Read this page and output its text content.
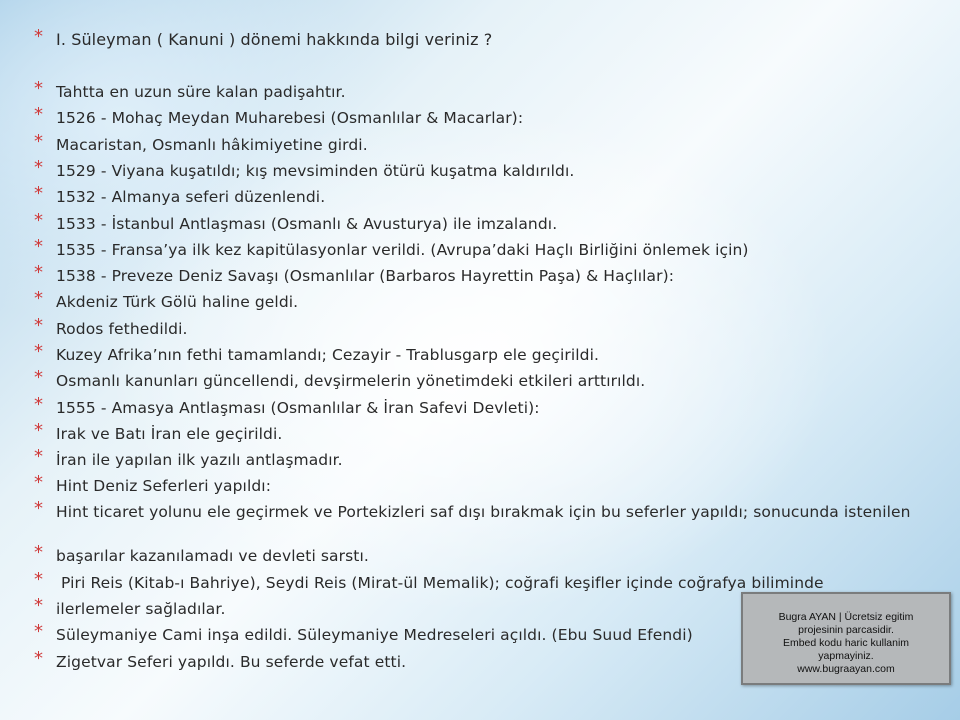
* I. Süleyman ( Kanuni ) dönemi hakkında bilgi veriniz ?
* Tahtta en uzun süre kalan padişahtır.
* 1526 - Mohaç Meydan Muharebesi (Osmanlılar & Macarlar):
* Macaristan, Osmanlı hâkimiyetine girdi.
* 1529 - Viyana kuşatıldı; kış mevsiminden ötürü kuşatma kaldırıldı.
* 1532 - Almanya seferi düzenlendi.
* 1533 - İstanbul Antlaşması (Osmanlı & Avusturya) ile imzalandı.
* 1535 - Fransa’ya ilk kez kapitülasyonlar verildi. (Avrupa’daki Haçlı Birliğini önlemek için)
* 1538 - Preveze Deniz Savaşı (Osmanlılar (Barbaros Hayrettin Paşa) & Haçlılar):
* Akdeniz Türk Gölü haline geldi.
* Rodos fethedildi.
* Kuzey Afrika’nın fethi tamamlandı; Cezayir - Trablusgarp ele geçirildi.
* Osmanlı kanunları güncellendi, devşirmelerin yönetimdeki etkileri arttırıldı.
* 1555 - Amasya Antlaşması (Osmanlılar & İran Safevi Devleti):
* Irak ve Batı İran ele geçirildi.
* İran ile yapılan ilk yazılı antlaşmadır.
* Hint Deniz Seferleri yapıldı:
*Hint ticaret yolunu ele geçirmek ve Portekizleri saf dışı bırakmak için bu seferler yapıldı; sonucunda istenilen
* başarılar kazanılamadı ve devleti sarstı.
* Piri Reis (Kitab-ı Bahriye), Seydi Reis (Mirat-ül Memalik); coğrafi keşifler içinde coğrafya biliminde
* ilerlemeler sağladılar.
* Süleymaniye Cami inşa edildi. Süleymaniye Medreseleri açıldı. (Ebu Suud Efendi)
* Zigetvar Seferi yapıldı. Bu seferde vefat etti.
Bugra AYAN | Ücretsiz egitim
projesinin parcasidir.
Embed kodu haric kullanim
yapmayiniz.
www.bugraayan.com
